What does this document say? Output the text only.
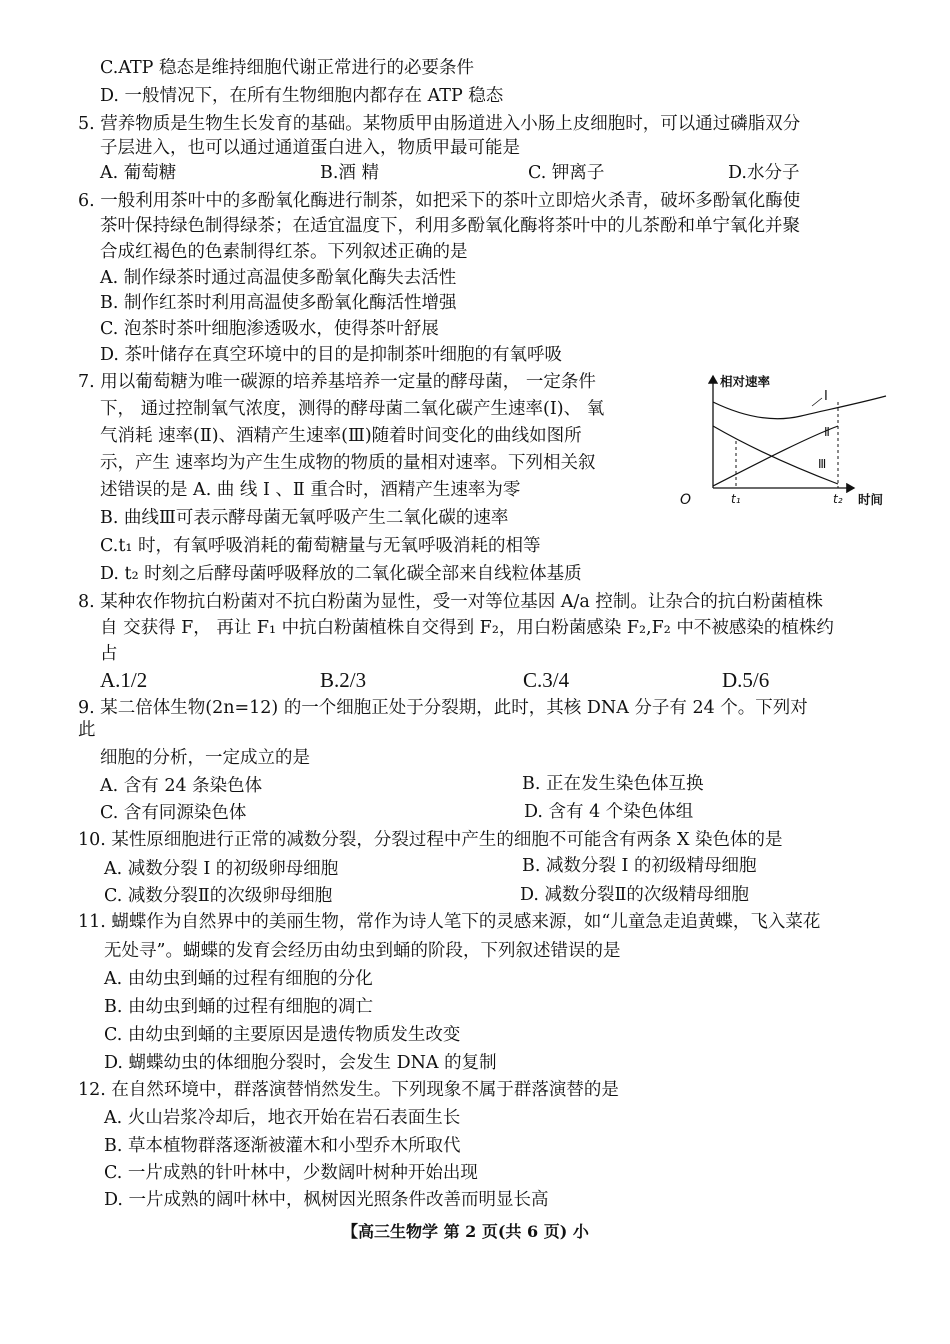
C.ATP 稳态是维持细胞代谢正常进行的必要条件
D. 一般情况下，在所有生物细胞内都存在 ATP 稳态
5. 营养物质是生物生长发育的基础。某物质甲由肠道进入小肠上皮细胞时，可以通过磷脂双分
子层进入，也可以通过通道蛋白进入，物质甲最可能是
A. 葡萄糖	B.酒 精	C. 钾离子	D.水分子
6. 一般利用茶叶中的多酚氧化酶进行制茶，如把采下的茶叶立即焙火杀青，破坏多酚氧化酶使
茶叶保持绿色制得绿茶；在适宜温度下，利用多酚氧化酶将茶叶中的儿茶酚和单宁氧化并聚
合成红褐色的色素制得红茶。下列叙述正确的是
A. 制作绿茶时通过高温使多酚氧化酶失去活性
B. 制作红茶时利用高温使多酚氧化酶活性增强
C. 泡茶时茶叶细胞渗透吸水，使得茶叶舒展
D. 茶叶储存在真空环境中的目的是抑制茶叶细胞的有氧呼吸
7. 用以葡萄糖为唯一碳源的培养基培养一定量的酵母菌， 一定条件
下， 通过控制氧气浓度，测得的酵母菌二氧化碳产生速率(I)、 氧
气消耗 速率(Ⅱ)、酒精产生速率(Ⅲ)随着时间变化的曲线如图所
示，产生 速率均为产生生成物的物质的量相对速率。下列相关叙
述错误的是 A. 曲 线 I 、Ⅱ 重合时，酒精产生速率为零
B. 曲线Ⅲ可表示酵母菌无氧呼吸产生二氧化碳的速率
C.t₁ 时，有氧呼吸消耗的葡萄糖量与无氧呼吸消耗的相等
D. t₂ 时刻之后酵母菌呼吸释放的二氧化碳全部来自线粒体基质
相对速率
时间
O
I
Ⅱ
Ⅲ
t₁	t₂
8. 某种农作物抗白粉菌对不抗白粉菌为显性，受一对等位基因 A/a 控制。让杂合的抗白粉菌植株
自 交获得 F， 再让 F₁ 中抗白粉菌植株自交得到 F₂，用白粉菌感染 F₂,F₂ 中不被感染的植株约
占
A.1/2	B.2/3	C.3/4	D.5/6
9. 某二倍体生物(2n=12) 的一个细胞正处于分裂期，此时，其核 DNA 分子有 24 个。下列对
此
细胞的分析，一定成立的是
A. 含有 24 条染色体	B. 正在发生染色体互换
C. 含有同源染色体	D. 含有 4 个染色体组
10. 某性原细胞进行正常的减数分裂，分裂过程中产生的细胞不可能含有两条 X 染色体的是
A. 减数分裂 I 的初级卵母细胞	B. 减数分裂 I 的初级精母细胞
C. 减数分裂Ⅱ的次级卵母细胞	D. 减数分裂Ⅱ的次级精母细胞
11. 蝴蝶作为自然界中的美丽生物，常作为诗人笔下的灵感来源，如“儿童急走追黄蝶，飞入菜花
无处寻”。蝴蝶的发育会经历由幼虫到蛹的阶段，下列叙述错误的是
A. 由幼虫到蛹的过程有细胞的分化
B. 由幼虫到蛹的过程有细胞的凋亡
C. 由幼虫到蛹的主要原因是遗传物质发生改变
D. 蝴蝶幼虫的体细胞分裂时，会发生 DNA 的复制
12. 在自然环境中，群落演替悄然发生。下列现象不属于群落演替的是
A. 火山岩浆冷却后，地衣开始在岩石表面生长
B. 草本植物群落逐渐被灌木和小型乔木所取代
C. 一片成熟的针叶林中，少数阔叶树种开始出现
D. 一片成熟的阔叶林中，枫树因光照条件改善而明显长高
【高三生物学 第 2 页(共 6 页) 小
